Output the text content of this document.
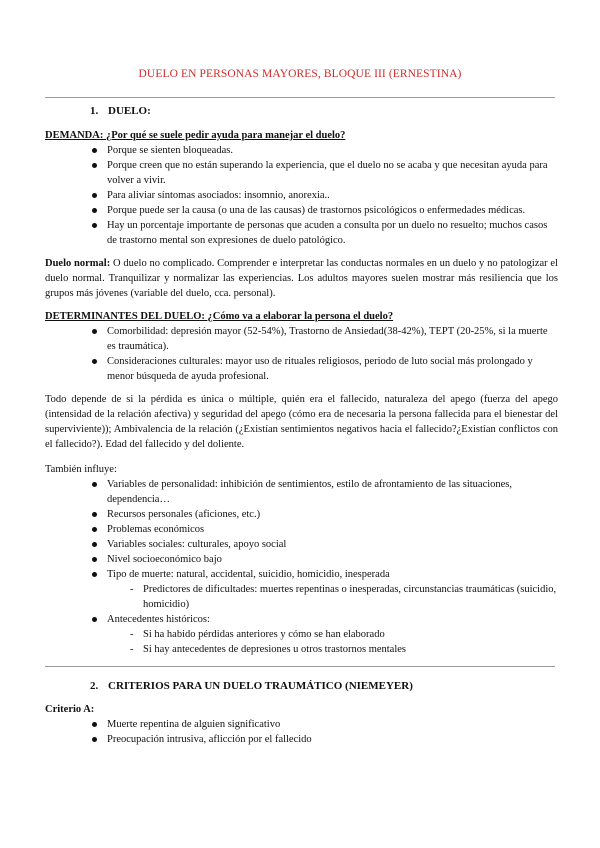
DUELO EN PERSONAS MAYORES, BLOQUE III (ERNESTINA)
1. DUELO:
DEMANDA: ¿Por qué se suele pedir ayuda para manejar el duelo?
Porque se sienten bloqueadas.
Porque creen que no están superando la experiencia, que el duelo no se acaba y que necesitan ayuda para volver a vivir.
Para aliviar síntomas asociados: insomnio, anorexia..
Porque puede ser la causa (o una de las causas) de trastornos psicológicos o enfermedades médicas.
Hay un porcentaje importante de personas que acuden a consulta por un duelo no resuelto; muchos casos de trastorno mental son expresiones de duelo patológico.

Duelo normal: O duelo no complicado. Comprender e interpretar las conductas normales en un duelo y no patologizar el duelo normal. Tranquilizar y normalizar las experiencias. Los adultos mayores suelen mostrar más resiliencia que los grupos más jóvenes (variable del duelo, cca. personal).

DETERMINANTES DEL DUELO: ¿Cómo va a elaborar la persona el duelo?
Comorbilidad: depresión mayor (52-54%), Trastorno de Ansiedad(38-42%), TEPT (20-25%, si la muerte es traumática).
Consideraciones culturales: mayor uso de rituales religiosos, periodo de luto social más prolongado y menor búsqueda de ayuda profesional.

Todo depende de si la pérdida es única o múltiple, quién era el fallecido, naturaleza del apego (fuerza del apego (intensidad de la relación afectiva) y seguridad del apego (cómo era de necesaria la persona fallecida para el bienestar del superviviente)); Ambivalencia de la relación (¿Existían sentimientos negativos hacia el fallecido?¿Existían conflictos con el fallecido?). Edad del fallecido y del doliente.

También influye:
Variables de personalidad: inhibición de sentimientos, estilo de afrontamiento de las situaciones, dependencia…
Recursos personales (aficiones, etc.)
Problemas económicos
Variables sociales: culturales, apoyo social
Nivel socioeconómico bajo
Tipo de muerte: natural, accidental, suicidio, homicidio, inesperada
- Predictores de dificultades: muertes repentinas o inesperadas, circunstancias traumáticas (suicidio, homicidio)
Antecedentes históricos:
- Si ha habido pérdidas anteriores y cómo se han elaborado
- Si hay antecedentes de depresiones u otros trastornos mentales
2. CRITERIOS PARA UN DUELO TRAUMÁTICO (NIEMEYER)
Criterio A:
Muerte repentina de alguien significativo
Preocupación intrusiva, aflicción por el fallecido
